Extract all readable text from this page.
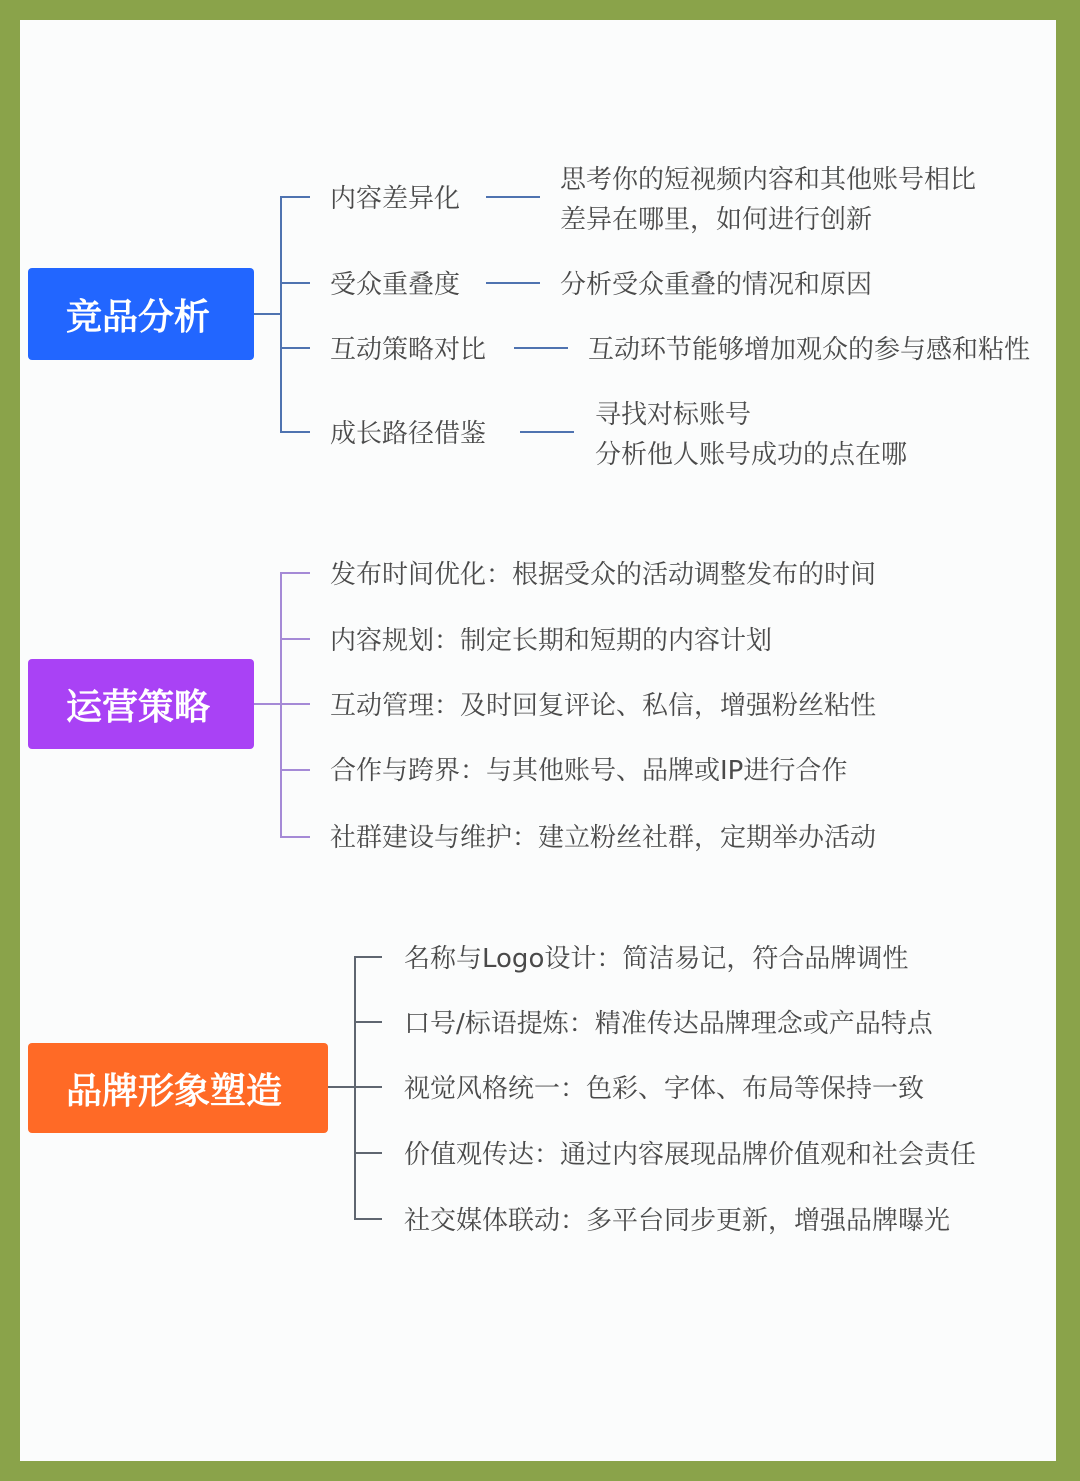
竞品分析
内容差异化
思考你的短视频内容和其他账号相比
差异在哪里，如何进行创新
受众重叠度	分析受众重叠的情况和原因
互动策略对比	互动环节能够增加观众的参与感和粘性
成长路径借鉴
寻找对标账号
分析他人账号成功的点在哪
运营策略
发布时间优化：根据受众的活动调整发布的时间
内容规划：制定长期和短期的内容计划
互动管理：及时回复评论、私信，增强粉丝粘性
合作与跨界：与其他账号、品牌或IP进行合作
社群建设与维护：建立粉丝社群，定期举办活动
品牌形象塑造
名称与Logo设计：简洁易记，符合品牌调性
口号/标语提炼：精准传达品牌理念或产品特点
视觉风格统一：色彩、字体、布局等保持一致
价值观传达：通过内容展现品牌价值观和社会责任
社交媒体联动：多平台同步更新，增强品牌曝光
